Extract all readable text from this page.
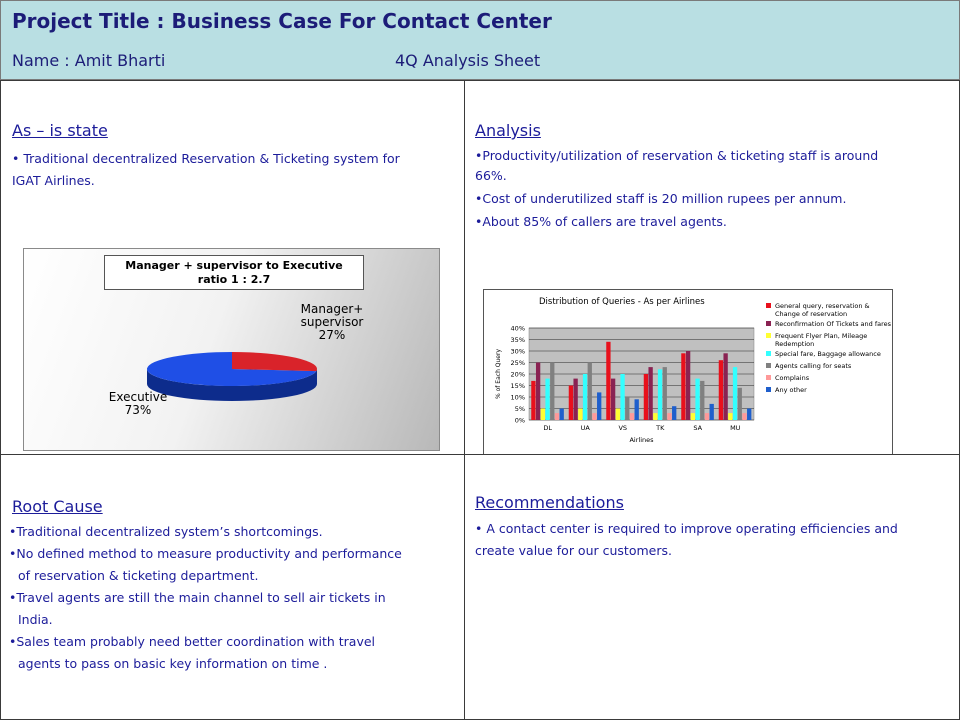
Project Title : Business Case For Contact Center
Name : Amit Bharti	4Q Analysis Sheet
As – is state

• Traditional decentralized Reservation & Ticketing system for

IGAT Airlines.

Manager + supervisor to Executive
ratio 1 : 2.7
Manager+
supervisor
27%
Executive
73%
Analysis

•Productivity/utilization of reservation & ticketing staff is around

66%.

•Cost of underutilized staff is 20 million rupees per annum.

•About 85% of callers are travel agents.

Distribution of Queries - As per Airlines
0%
5%
10%
15%
20%
25%
30%
35%
40%
% of Each Query
DL	UA	VS	TK	SA	MU
Airlines
General query, reservation & Change of reservation
Reconfirmation Of Tickets and fares
Frequent Flyer Plan, Mileage Redemption
Special fare, Baggage allowance
Agents calling for seats
Complains
Any other
Root Cause

•Traditional decentralized system’s shortcomings.

•No defined method to measure productivity and performance

of reservation & ticketing department.

•Travel agents are still the main channel to sell air tickets in

India.

•Sales team probably need better coordination with travel

agents to pass on basic key information on time .

Recommendations

• A contact center is required to improve operating efficiencies and

create value for our customers.
